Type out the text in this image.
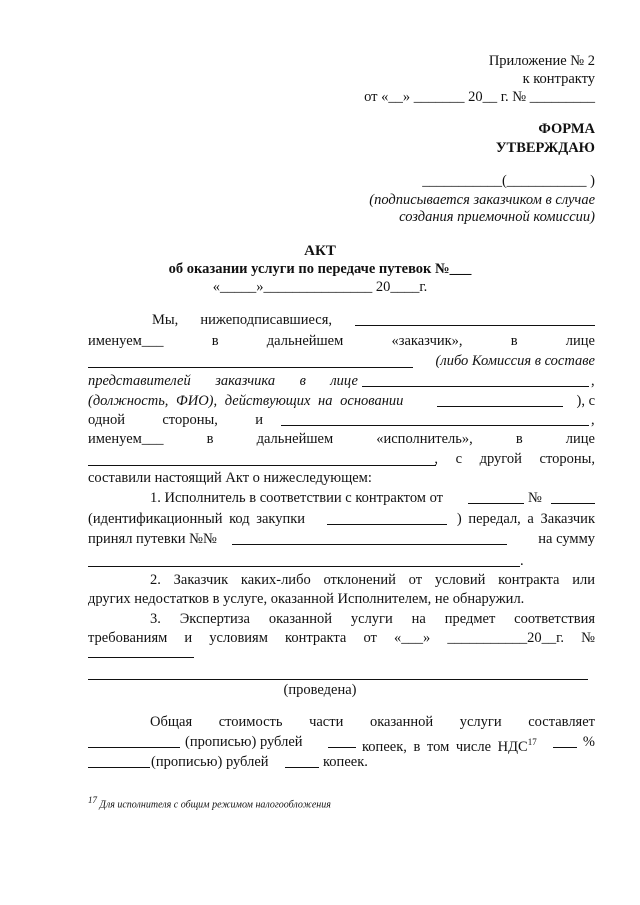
Приложение № 2
к контракту
от «__» _______ 20__ г. № _________
ФОРМА
УТВЕРЖДАЮ
___________(___________ )
(подписывается заказчиком в случае
создания приемочной комиссии)
АКТ
об оказании услуги по передаче путевок №___
«_____»_______________ 20____г.
Мы, нижеподписавшиеся,
именуем___	в	дальнейшем	«заказчик»,	в	лице
(либо Комиссия в составе
представителей заказчика в лице	,
(должность, ФИО), действующих на основании	), с
одной	стороны,	и	,
именуем___	в	дальнейшем	«исполнитель»,	в	лице
, с другой стороны,
составили настоящий Акт о нижеследующем:
1. Исполнитель в соответствии с контрактом от	№
(идентификационный код закупки	) передал, а Заказчик
принял путевки №№	на сумму
.
2. Заказчик каких-либо отклонений от условий контракта или
других недостатков в услуге, оказанной Исполнителем, не обнаружил.
3. Экспертиза оказанной услуги на предмет соответствия
требованиям и условиям контракта от «___» ___________20__г. №
(проведена)
Общая стоимость части оказанной услуги составляет
(прописью) рублей	копеек, в том числе НДС$^{17}$	%
(прописью) рублей	копеек.
$^{17}$ Для исполнителя с общим режимом налогообложения
